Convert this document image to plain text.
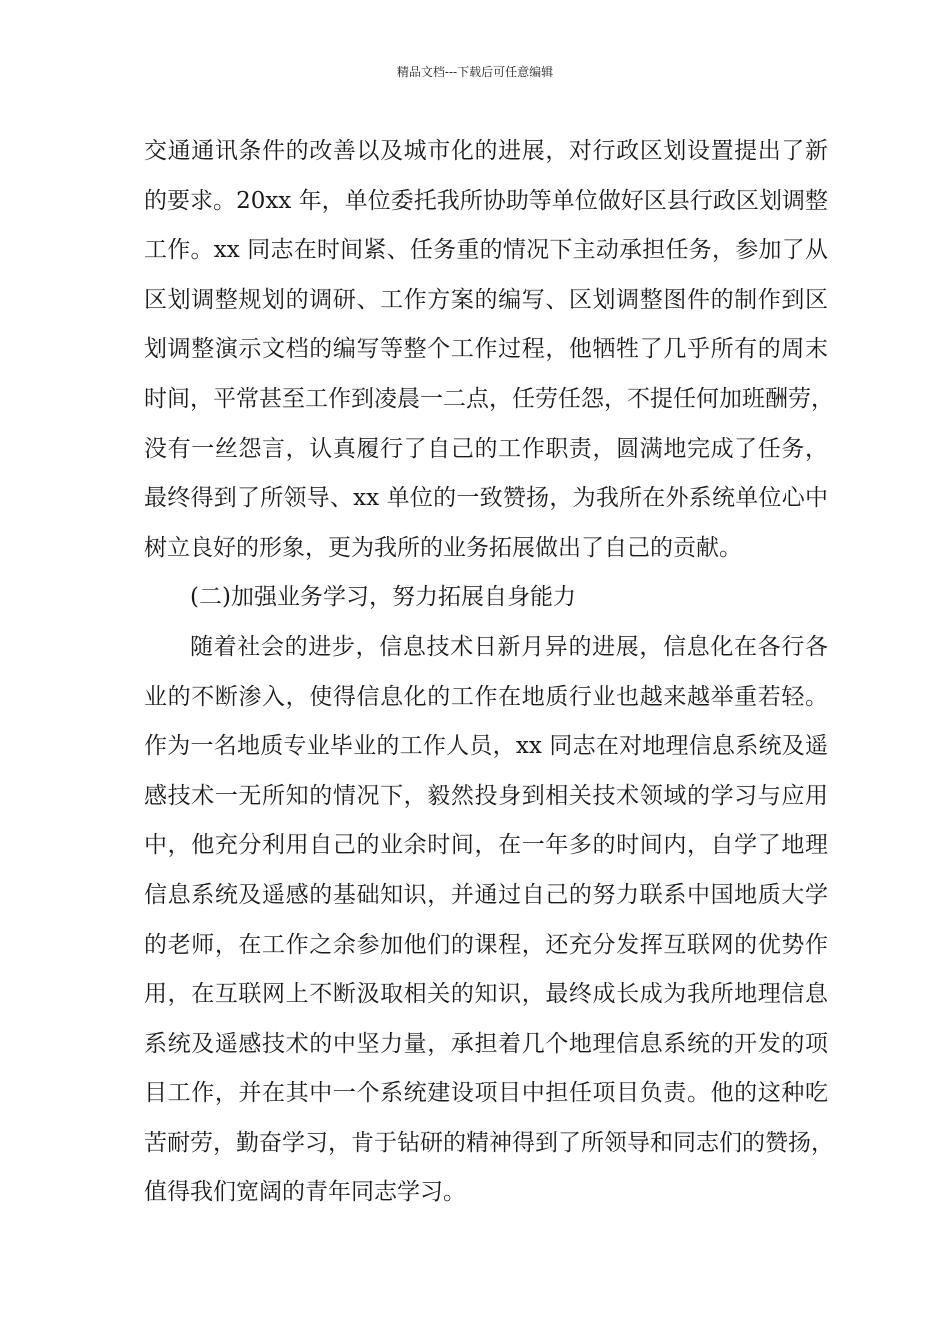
精品文档---下载后可任意编辑
交通通讯条件的改善以及城市化的进展，对行政区划设置提出了新
的要求。20xx 年，单位委托我所协助等单位做好区县行政区划调整
工作。xx 同志在时间紧、任务重的情况下主动承担任务，参加了从
区划调整规划的调研、工作方案的编写、区划调整图件的制作到区
划调整演示文档的编写等整个工作过程，他牺牲了几乎所有的周末
时间，平常甚至工作到凌晨一二点，任劳任怨，不提任何加班酬劳，
没有一丝怨言，认真履行了自己的工作职责，圆满地完成了任务，
最终得到了所领导、xx 单位的一致赞扬，为我所在外系统单位心中
树立良好的形象，更为我所的业务拓展做出了自己的贡献。
(二)加强业务学习，努力拓展自身能力
随着社会的进步，信息技术日新月异的进展，信息化在各行各
业的不断渗入，使得信息化的工作在地质行业也越来越举重若轻。
作为一名地质专业毕业的工作人员，xx 同志在对地理信息系统及遥
感技术一无所知的情况下，毅然投身到相关技术领域的学习与应用
中，他充分利用自己的业余时间，在一年多的时间内，自学了地理
信息系统及遥感的基础知识，并通过自己的努力联系中国地质大学
的老师，在工作之余参加他们的课程，还充分发挥互联网的优势作
用，在互联网上不断汲取相关的知识，最终成长成为我所地理信息
系统及遥感技术的中坚力量，承担着几个地理信息系统的开发的项
目工作，并在其中一个系统建设项目中担任项目负责。他的这种吃
苦耐劳，勤奋学习，肯于钻研的精神得到了所领导和同志们的赞扬，
值得我们宽阔的青年同志学习。
